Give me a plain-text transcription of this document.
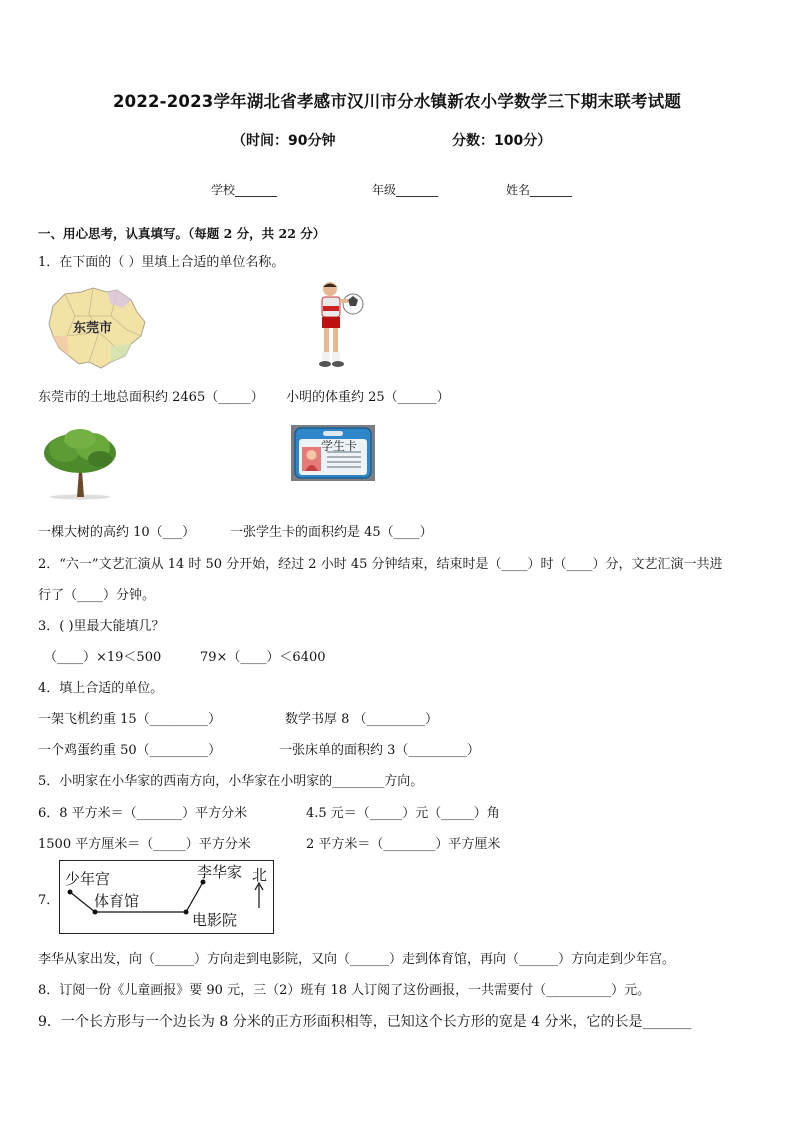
2022-2023学年湖北省孝感市汉川市分水镇新农小学数学三下期末联考试题
（时间：90分钟	分数：100分）
学校_______	年级_______	姓名_______
一、用心思考，认真填写。（每题 2 分，共 22 分）
1．在下面的（ ）里填上合适的单位名称。
东莞市
东莞市的土地总面积约 2465（_____） 小明的体重约 25（______）
学生卡
一棵大树的高约 10（___）	一张学生卡的面积约是 45（____）
2．“六一”文艺汇演从 14 时 50 分开始，经过 2 小时 45 分钟结束，结束时是（____）时（____）分，文艺汇演一共进
行了（____）分钟。
3．( )里最大能填几？
（____）×19＜500	79×（____）＜6400
4．填上合适的单位。
一架飞机约重 15（_________）	数学书厚 8 （_________）
一个鸡蛋约重 50（_________）	一张床单的面积约 3（_________）
5．小明家在小华家的西南方向，小华家在小明家的________方向。
6．8 平方米＝（_______）平方分米	4.5 元＝（_____）元（_____）角
1500 平方厘米＝（_____）平方分米	2 平方米＝（________）平方厘米
7．
少年宫
体育馆
李华家 北
电影院
李华从家出发，向（______）方向走到电影院，又向（______）走到体育馆，再向（______）方向走到少年宫。
8．订阅一份《儿童画报》要 90 元，三（2）班有 18 人订阅了这份画报，一共需要付（__________）元。
9．一个长方形与一个边长为 8 分米的正方形面积相等，已知这个长方形的宽是 4 分米，它的长是_______
